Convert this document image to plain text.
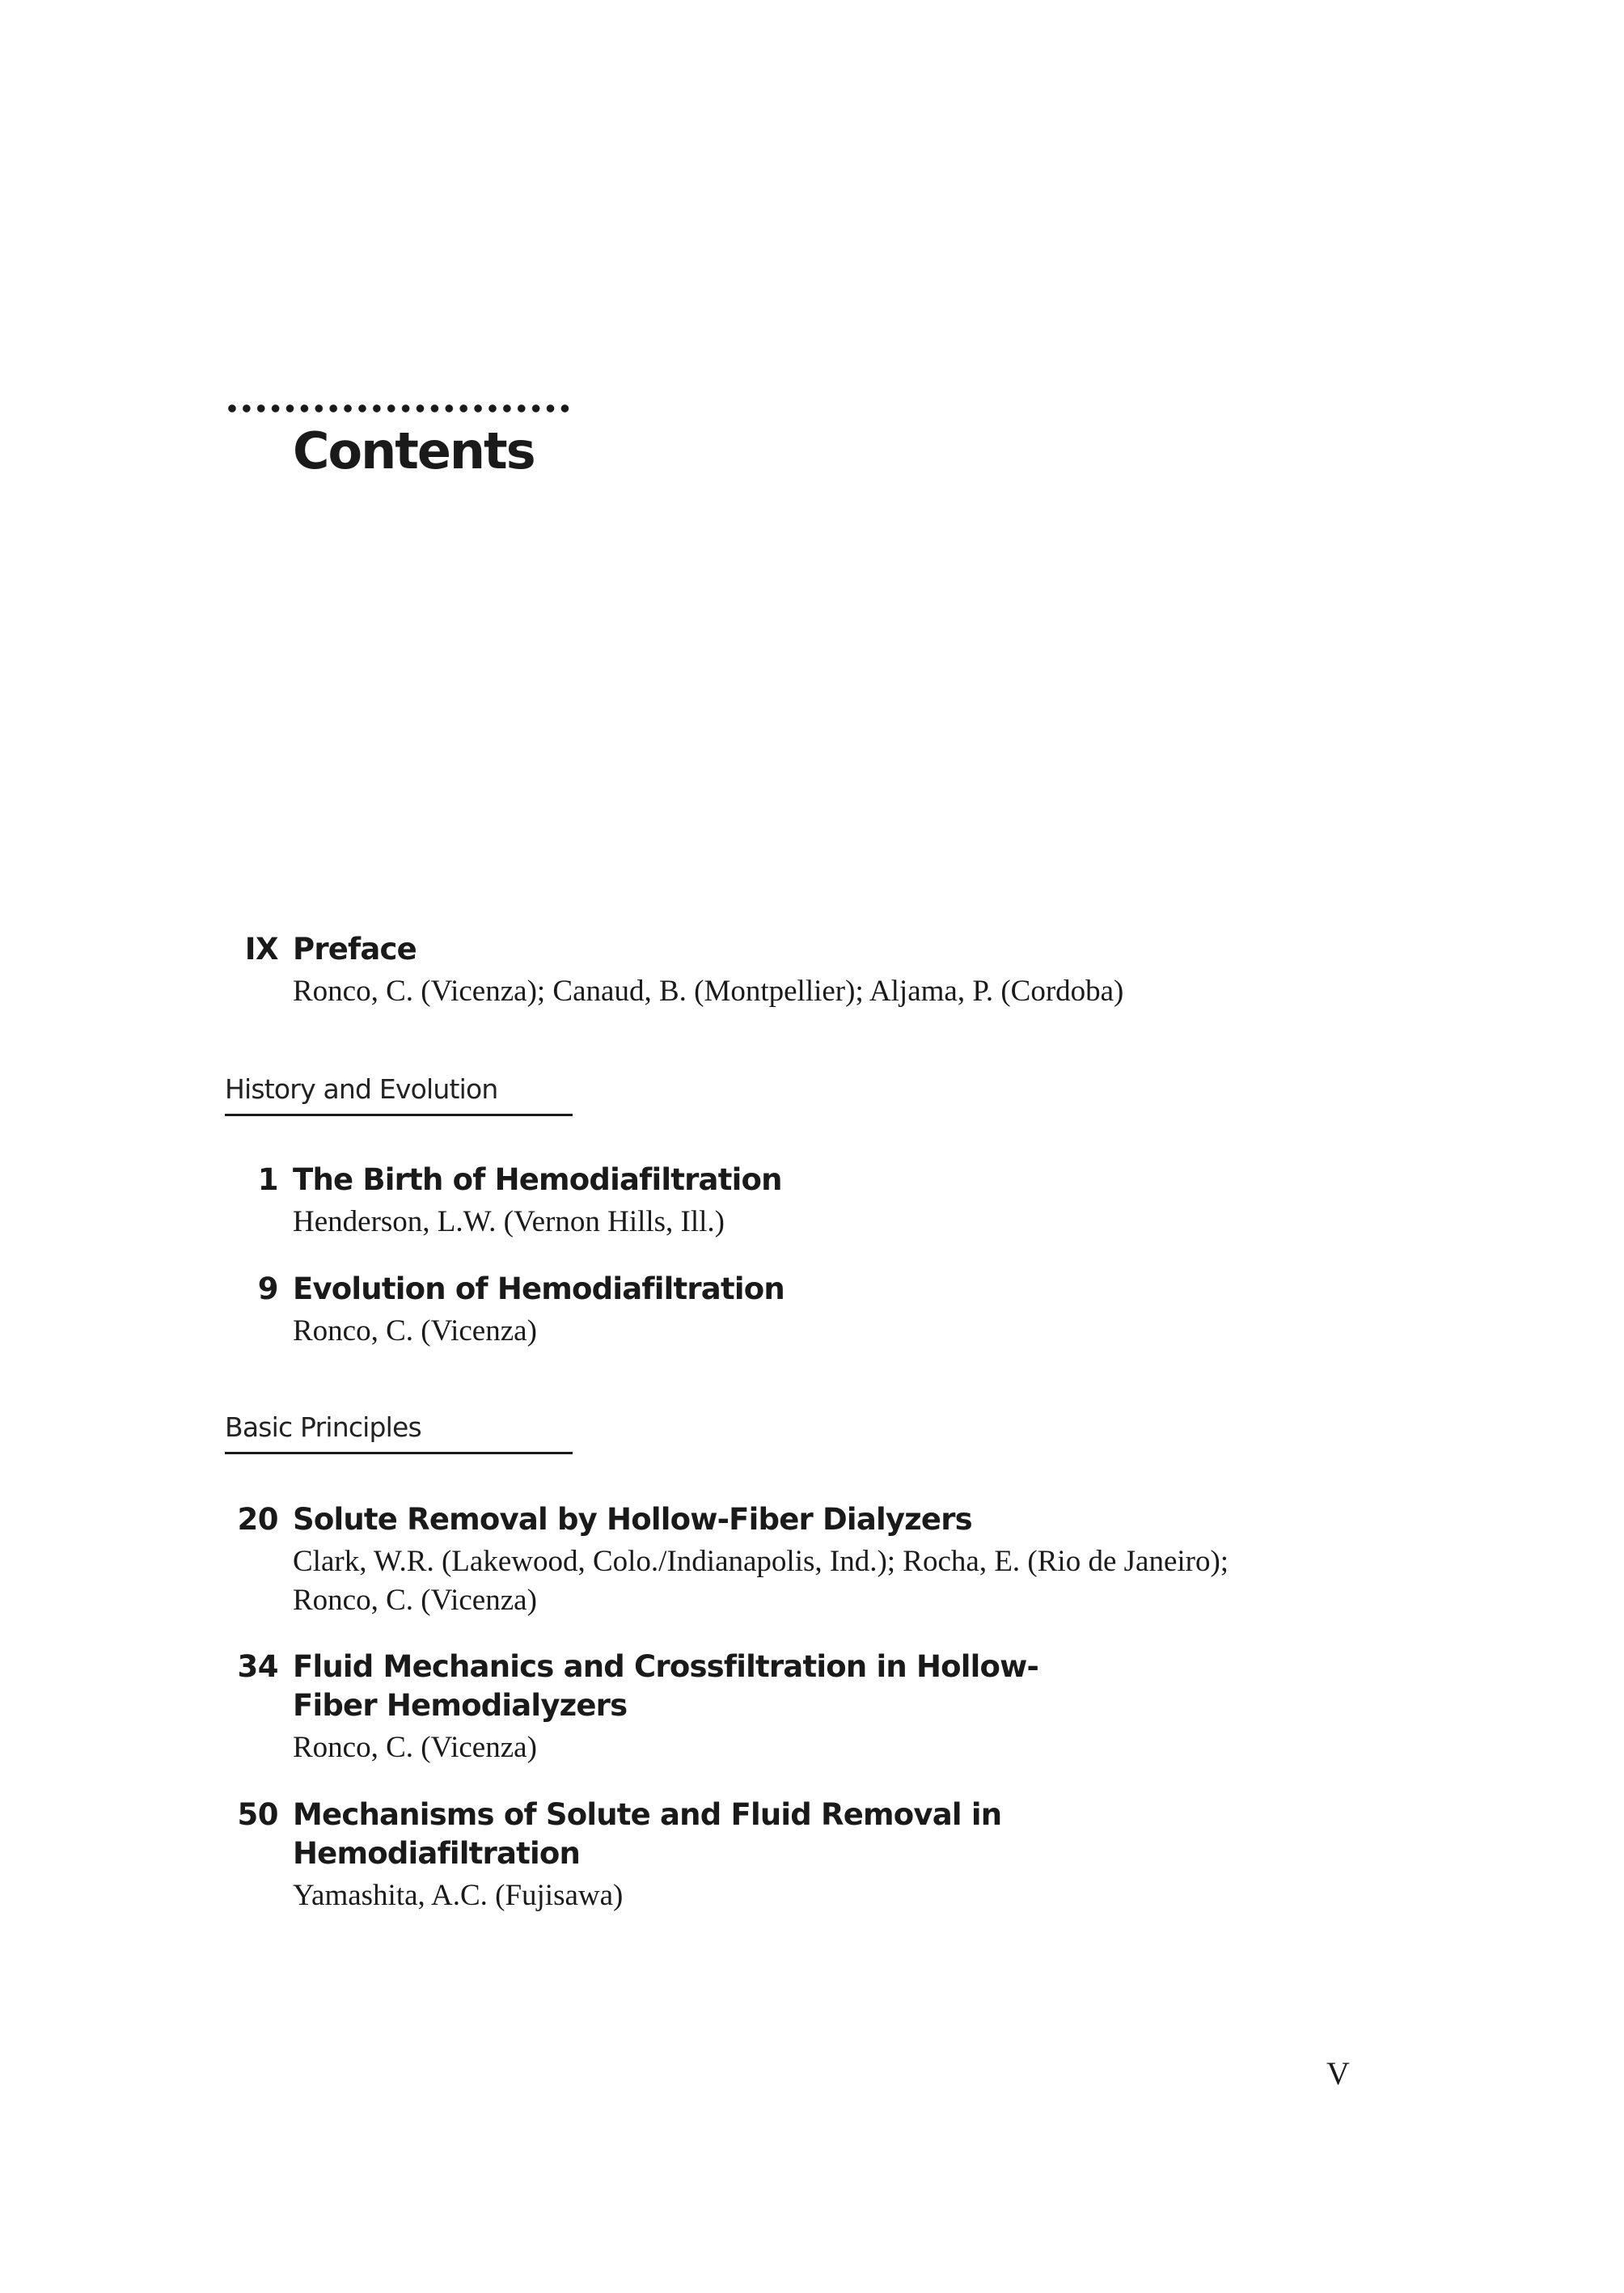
Contents
IX Preface
Ronco, C. (Vicenza); Canaud, B. (Montpellier); Aljama, P. (Cordoba)
History and Evolution
1 The Birth of Hemodiafiltration
Henderson, L.W. (Vernon Hills, Ill.)
9 Evolution of Hemodiafiltration
Ronco, C. (Vicenza)
Basic Principles
20 Solute Removal by Hollow-Fiber Dialyzers
Clark, W.R. (Lakewood, Colo./Indianapolis, Ind.); Rocha, E. (Rio de Janeiro); Ronco, C. (Vicenza)
34 Fluid Mechanics and Crossfiltration in Hollow-Fiber Hemodialyzers
Ronco, C. (Vicenza)
50 Mechanisms of Solute and Fluid Removal in Hemodiafiltration
Yamashita, A.C. (Fujisawa)
V
